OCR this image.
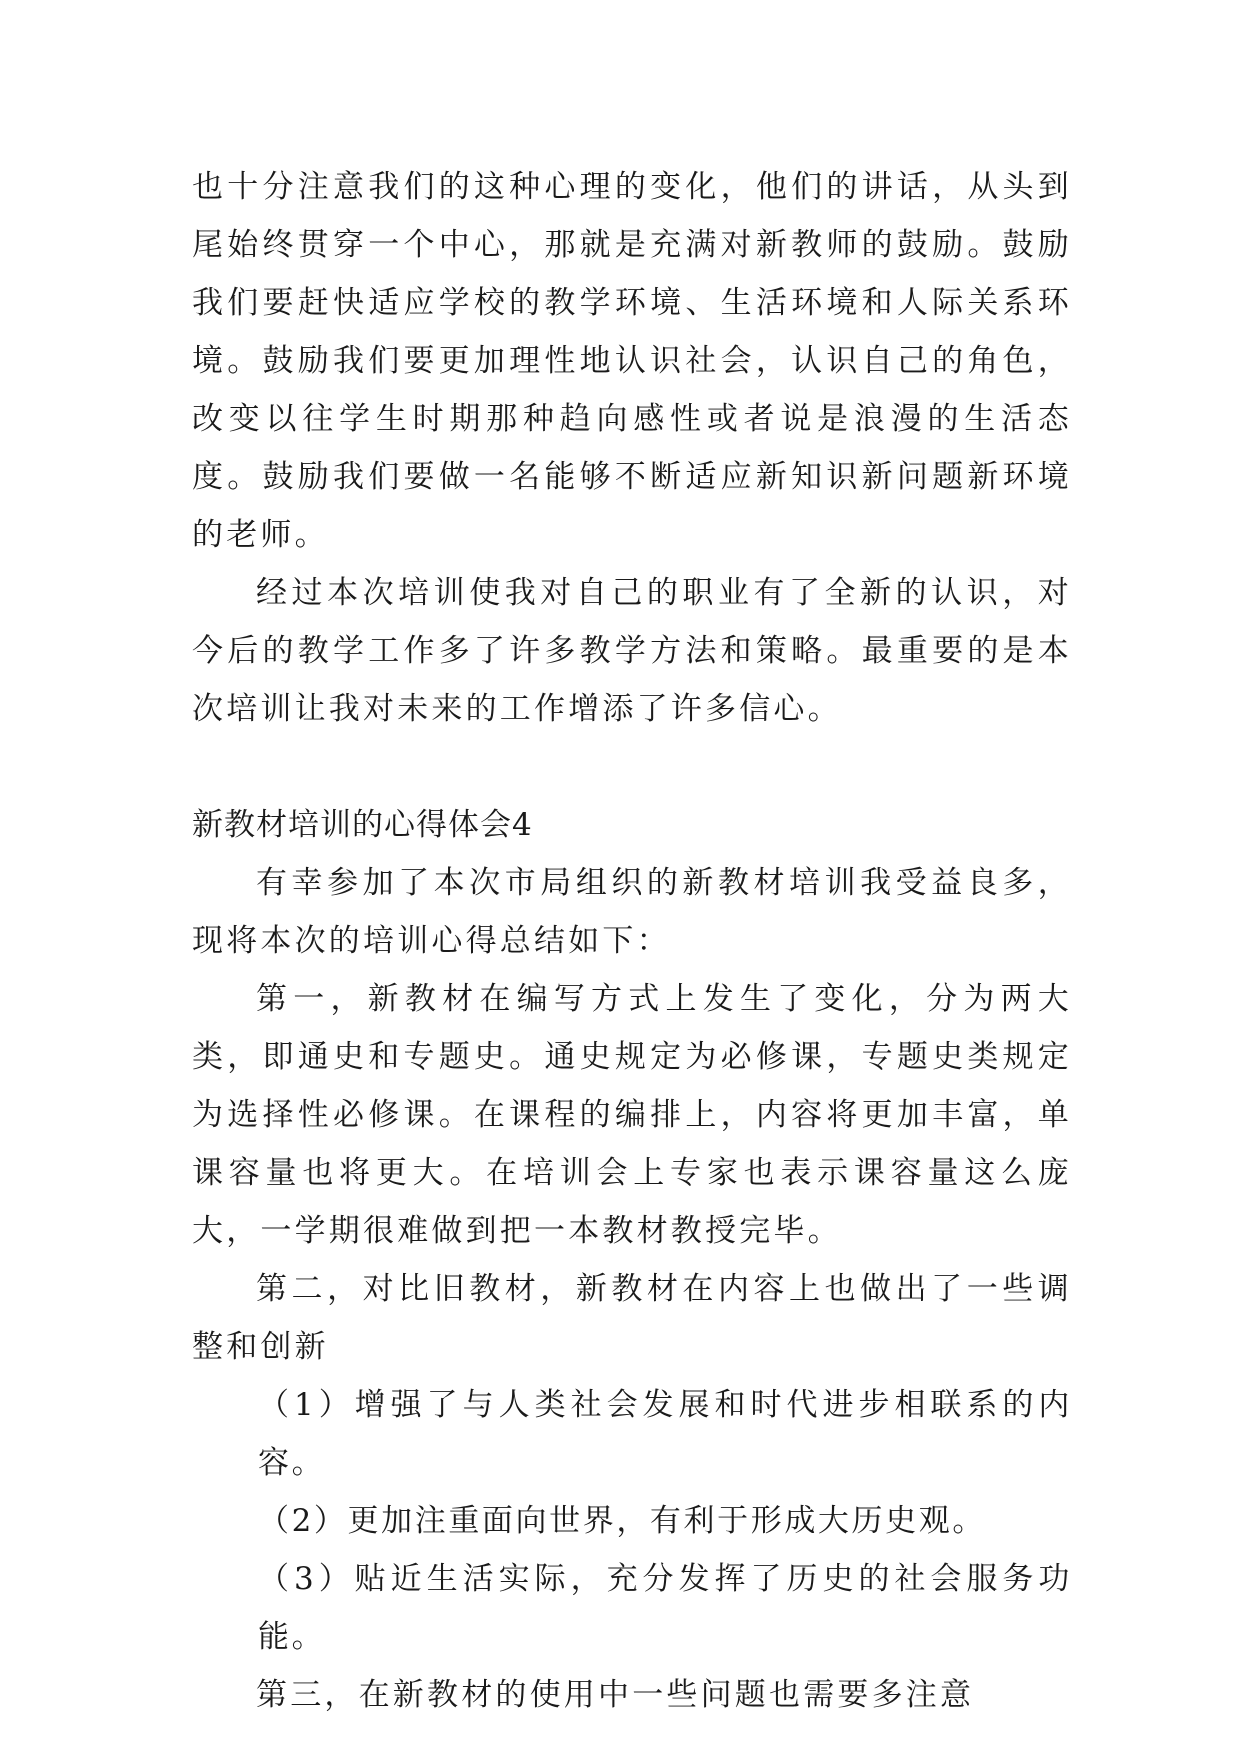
也十分注意我们的这种心理的变化，他们的讲话，从头到尾始终贯穿一个中心，那就是充满对新教师的鼓励。鼓励我们要赶快适应学校的教学环境、生活环境和人际关系环境。鼓励我们要更加理性地认识社会，认识自己的角色，改变以往学生时期那种趋向感性或者说是浪漫的生活态度。鼓励我们要做一名能够不断适应新知识新问题新环境的老师。

经过本次培训使我对自己的职业有了全新的认识，对今后的教学工作多了许多教学方法和策略。最重要的是本次培训让我对未来的工作增添了许多信心。

新教材培训的心得体会4

有幸参加了本次市局组织的新教材培训我受益良多，现将本次的培训心得总结如下：

第一，新教材在编写方式上发生了变化，分为两大类，即通史和专题史。通史规定为必修课，专题史类规定为选择性必修课。在课程的编排上，内容将更加丰富，单课容量也将更大。在培训会上专家也表示课容量这么庞大，一学期很难做到把一本教材教授完毕。

第二，对比旧教材，新教材在内容上也做出了一些调整和创新

（1）增强了与人类社会发展和时代进步相联系的内容。

（2）更加注重面向世界，有利于形成大历史观。

（3）贴近生活实际，充分发挥了历史的社会服务功能。

第三，在新教材的使用中一些问题也需要多注意
